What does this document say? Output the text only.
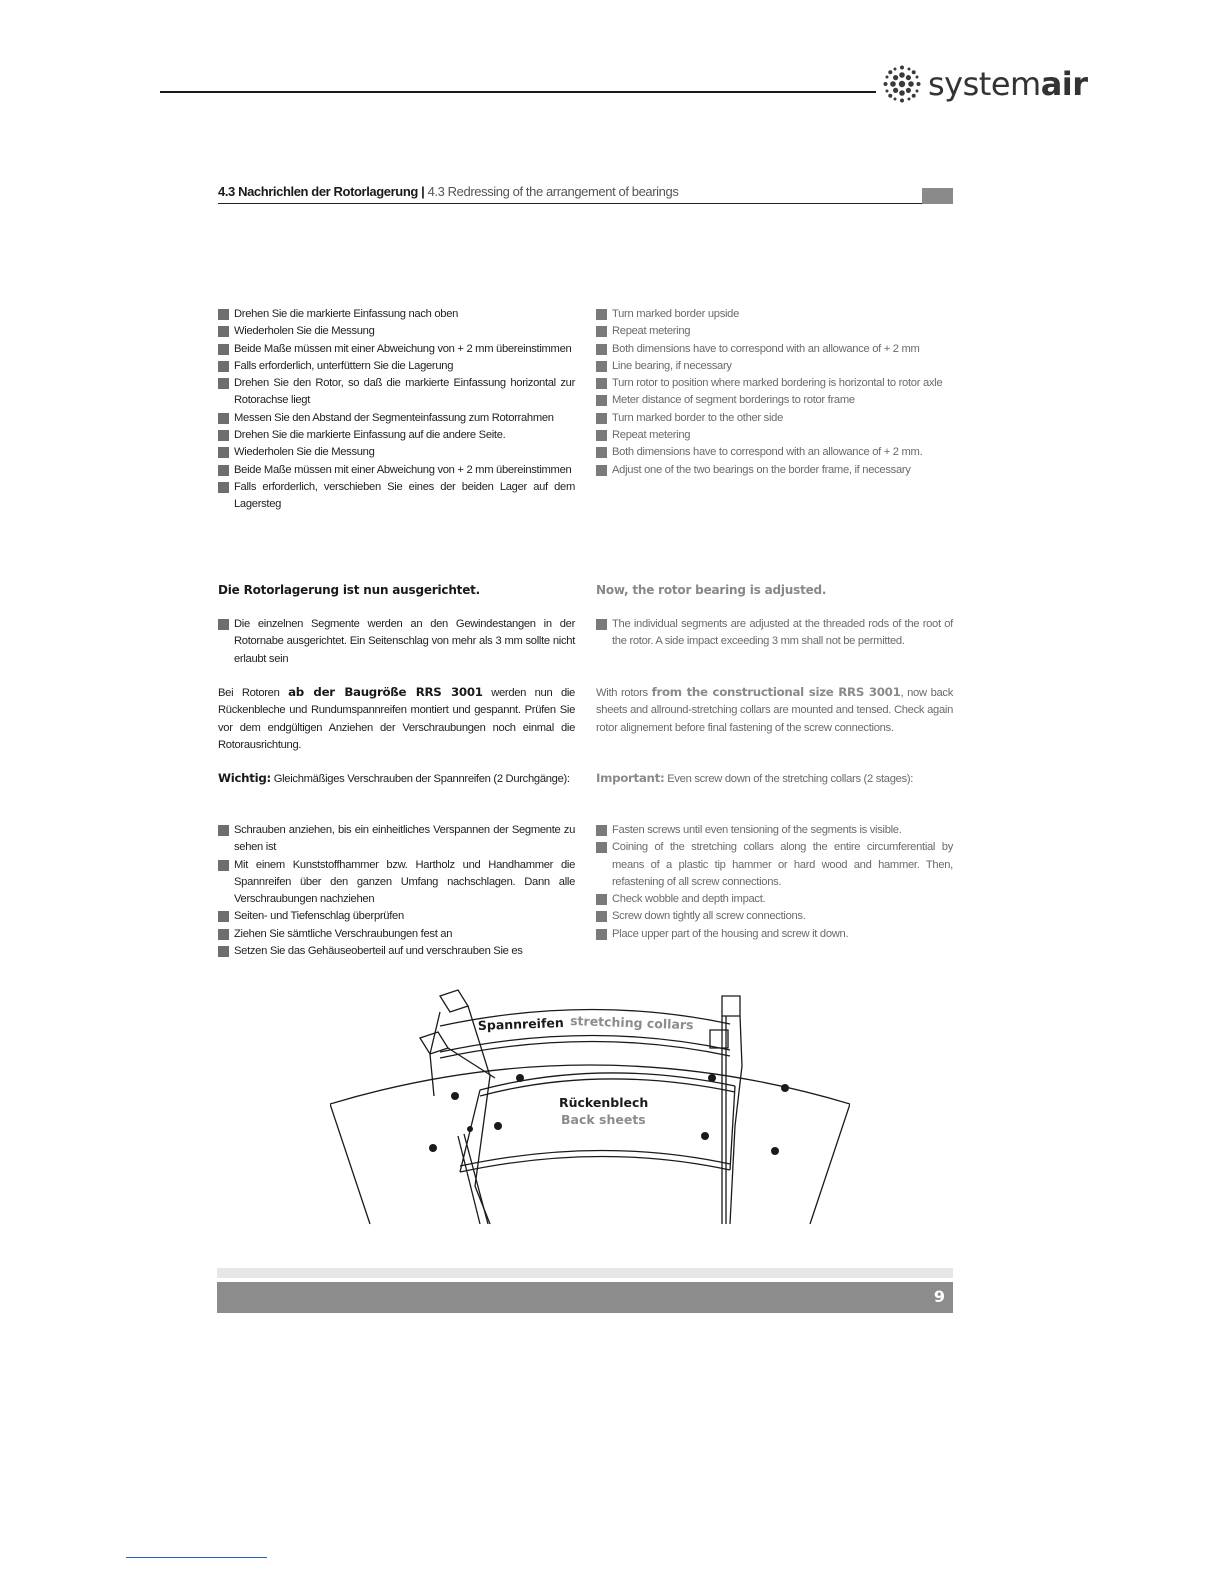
systemair
4.3 Nachrichlen der Rotorlagerung | 4.3 Redressing of the arrangement of bearings
Drehen Sie die markierte Einfassung nach oben
Wiederholen Sie die Messung
Beide Maße müssen mit einer Abweichung von + 2 mm übereinstimmen
Falls erforderlich, unterfüttern Sie die Lagerung
Drehen Sie den Rotor, so daß die markierte Einfassung horizontal zur Rotorachse liegt
Messen Sie den Abstand der Segmenteinfassung zum Rotorrahmen
Drehen Sie die markierte Einfassung auf die andere Seite.
Wiederholen Sie die Messung
Beide Maße müssen mit einer Abweichung von + 2 mm übereinstimmen
Falls erforderlich, verschieben Sie eines der beiden Lager auf dem Lagersteg
Die Rotorlagerung ist nun ausgerichtet.
Die einzelnen Segmente werden an den Gewindestangen in der Rotornabe ausgerichtet. Ein Seitenschlag von mehr als 3 mm sollte nicht erlaubt sein
Bei Rotoren ab der Baugröße RRS 3001 werden nun die Rückenbleche und Rundumspannreifen montiert und gespannt. Prüfen Sie vor dem endgültigen Anziehen der Verschraubungen noch einmal die Rotorausrichtung.
Wichtig: Gleichmäßiges Verschrauben der Spannreifen (2 Durchgänge):
Schrauben anziehen, bis ein einheitliches Verspannen der Segmente zu sehen ist
Mit einem Kunststoffhammer bzw. Hartholz und Handhammer die Spannreifen über den ganzen Umfang nachschlagen. Dann alle Verschraubungen nachziehen
Seiten- und Tiefenschlag überprüfen
Ziehen Sie sämtliche Verschraubungen fest an
Setzen Sie das Gehäuseoberteil auf und verschrauben Sie es
Turn marked border upside
Repeat metering
Both dimensions have to correspond with an allowance of + 2 mm
Line bearing, if necessary
Turn rotor to position where marked bordering is horizontal to rotor axle
Meter distance of segment borderings to rotor frame
Turn marked border to the other side
Repeat metering
Both dimensions have to correspond with an allowance of + 2 mm.
Adjust one of the two bearings on the border frame, if necessary
Now, the rotor bearing is adjusted.
The individual segments are adjusted at the threaded rods of the root of the rotor. A side impact exceeding 3 mm shall not be permitted.
With rotors from the constructional size RRS 3001, now back sheets and allround-stretching collars are mounted and tensed. Check again rotor alignement before final fastening of the screw connections.
Important: Even screw down of the stretching collars (2 stages):
Fasten screws until even tensioning of the segments is visible.
Coining of the stretching collars along the entire circumferential by means of a plastic tip hammer or hard wood and hammer. Then, refastening of all screw connections.
Check wobble and depth impact.
Screw down tightly all screw connections.
Place upper part of the housing and screw it down.
Spannreifen stretching collars
Rückenblech
Back sheets
9
